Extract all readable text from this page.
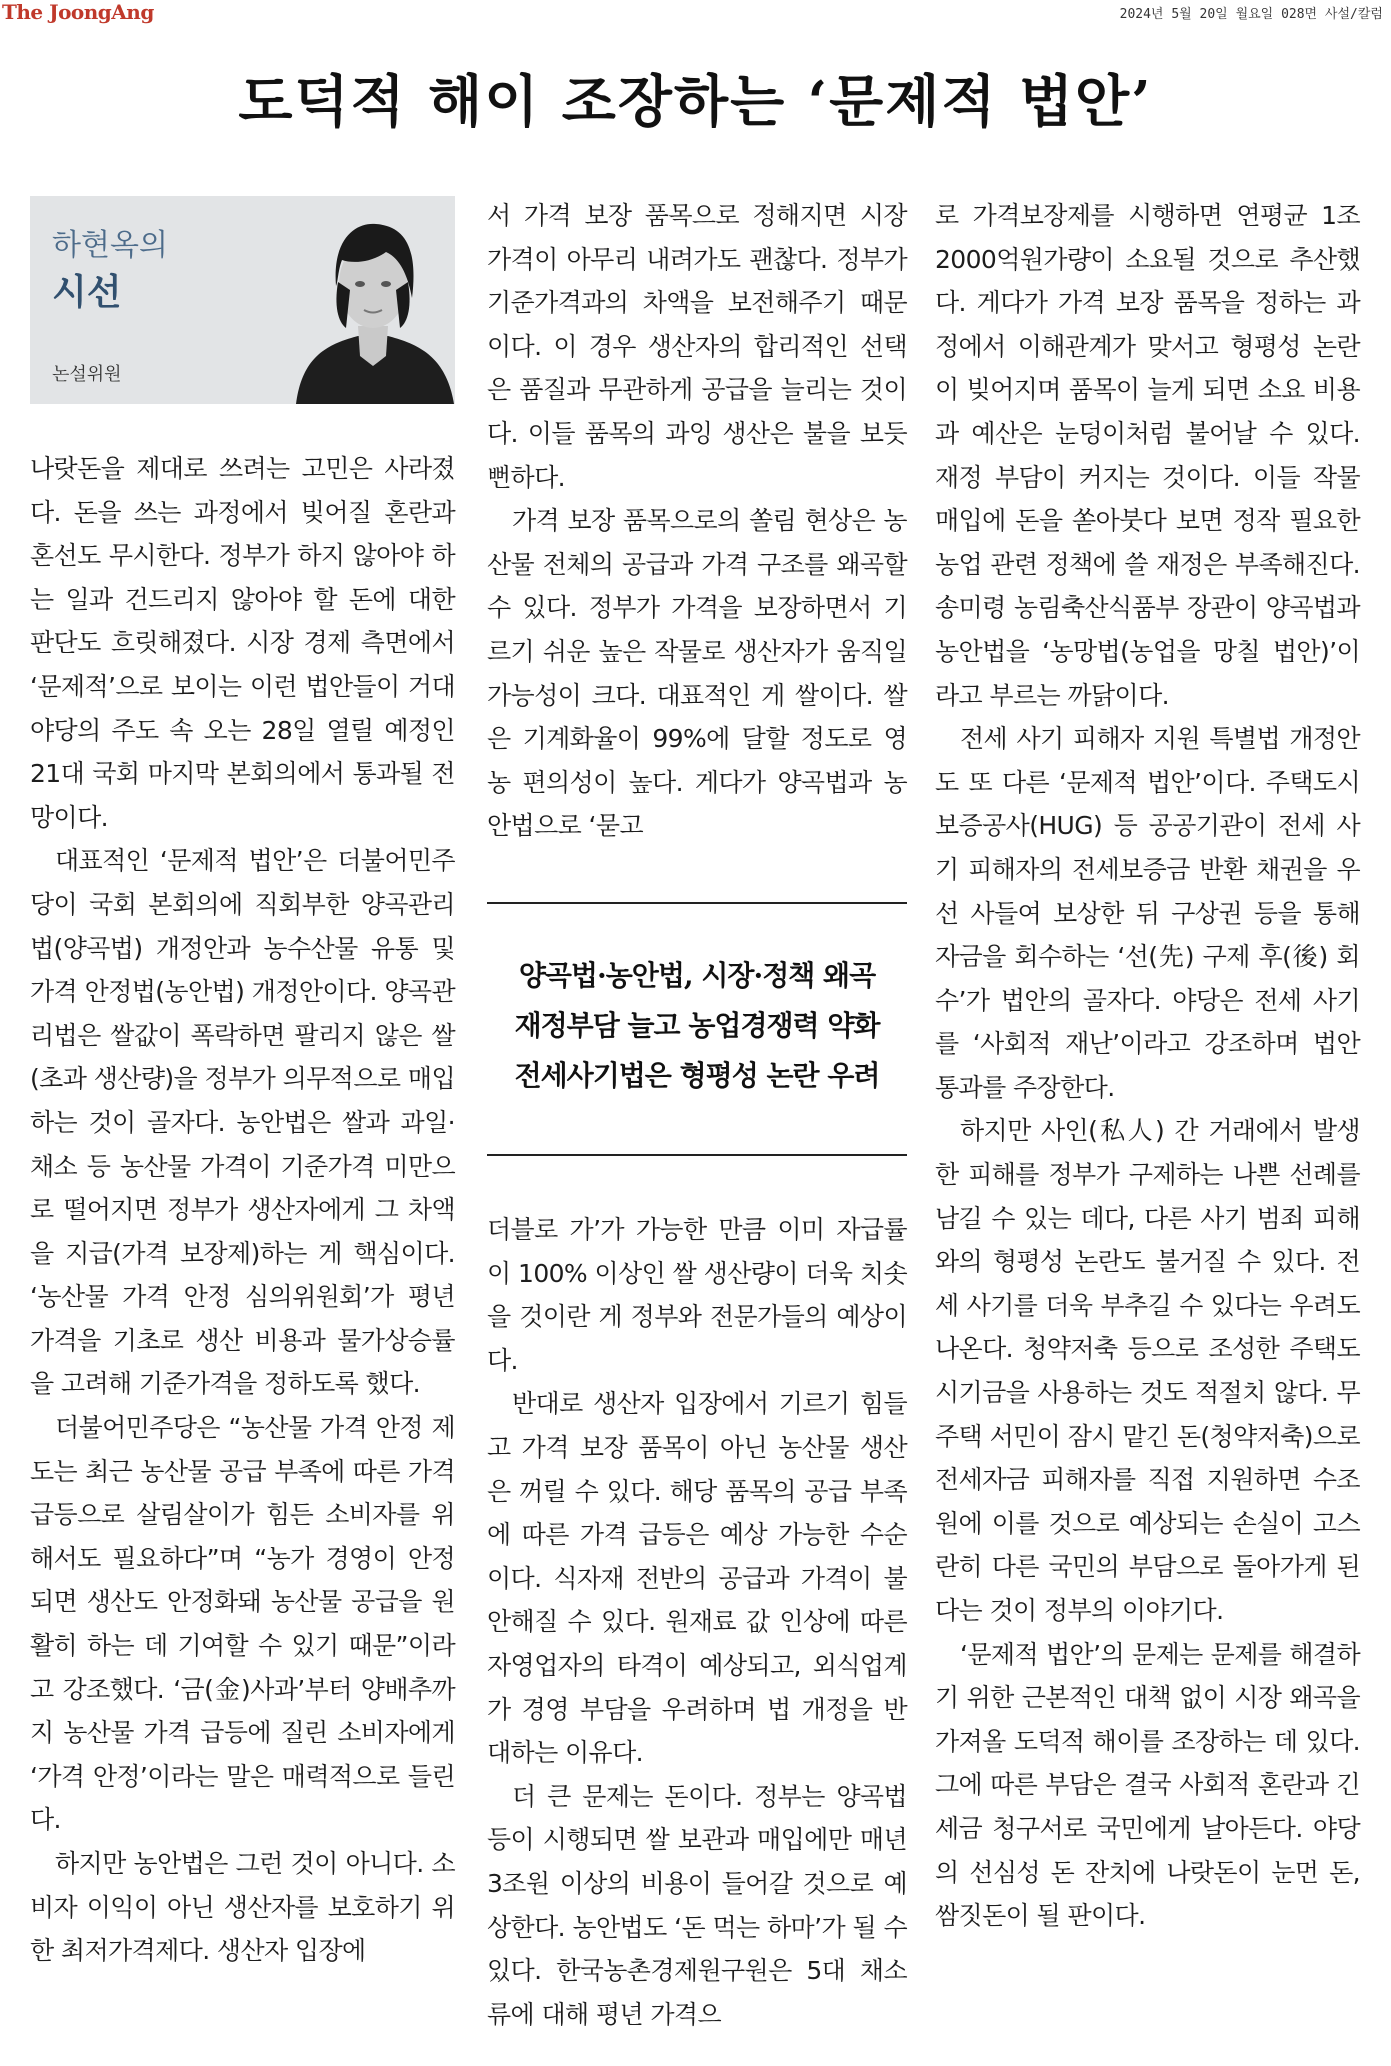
The JoongAng	2024년 5월 20일 월요일 028면 사설/칼럼
도덕적 해이 조장하는 ‘문제적 법안’
하현옥의
시선
논설위원

나랏돈을 제대로 쓰려는 고민은 사라졌다. 돈을 쓰는 과정에서 빚어질 혼란과 혼선도 무시한다. 정부가 하지 않아야 하는 일과 건드리지 않아야 할 돈에 대한 판단도 흐릿해졌다. 시장 경제 측면에서 ‘문제적’으로 보이는 이런 법안들이 거대 야당의 주도 속 오는 28일 열릴 예정인 21대 국회 마지막 본회의에서 통과될 전망이다.

대표적인 ‘문제적 법안’은 더불어민주당이 국회 본회의에 직회부한 양곡관리법(양곡법) 개정안과 농수산물 유통 및 가격 안정법(농안법) 개정안이다. 양곡관리법은 쌀값이 폭락하면 팔리지 않은 쌀(초과 생산량)을 정부가 의무적으로 매입하는 것이 골자다. 농안법은 쌀과 과일·채소 등 농산물 가격이 기준가격 미만으로 떨어지면 정부가 생산자에게 그 차액을 지급(가격 보장제)하는 게 핵심이다. ‘농산물 가격 안정 심의위원회’가 평년 가격을 기초로 생산 비용과 물가상승률을 고려해 기준가격을 정하도록 했다.

더불어민주당은 “농산물 가격 안정 제도는 최근 농산물 공급 부족에 따른 가격 급등으로 살림살이가 힘든 소비자를 위해서도 필요하다”며 “농가 경영이 안정되면 생산도 안정화돼 농산물 공급을 원활히 하는 데 기여할 수 있기 때문”이라고 강조했다. ‘금(金)사과’부터 양배추까지 농산물 가격 급등에 질린 소비자에게 ‘가격 안정’이라는 말은 매력적으로 들린다.

하지만 농안법은 그런 것이 아니다. 소비자 이익이 아닌 생산자를 보호하기 위한 최저가격제다. 생산자 입장에

서 가격 보장 품목으로 정해지면 시장 가격이 아무리 내려가도 괜찮다. 정부가 기준가격과의 차액을 보전해주기 때문이다. 이 경우 생산자의 합리적인 선택은 품질과 무관하게 공급을 늘리는 것이다. 이들 품목의 과잉 생산은 불을 보듯 뻔하다.

가격 보장 품목으로의 쏠림 현상은 농산물 전체의 공급과 가격 구조를 왜곡할 수 있다. 정부가 가격을 보장하면서 기르기 쉬운 높은 작물로 생산자가 움직일 가능성이 크다. 대표적인 게 쌀이다. 쌀은 기계화율이 99%에 달할 정도로 영농 편의성이 높다. 게다가 양곡법과 농안법으로 ‘묻고

양곡법·농안법, 시장·정책 왜곡
재정부담 늘고 농업경쟁력 약화
전세사기법은 형평성 논란 우려

더블로 가’가 가능한 만큼 이미 자급률이 100% 이상인 쌀 생산량이 더욱 치솟을 것이란 게 정부와 전문가들의 예상이다.

반대로 생산자 입장에서 기르기 힘들고 가격 보장 품목이 아닌 농산물 생산은 꺼릴 수 있다. 해당 품목의 공급 부족에 따른 가격 급등은 예상 가능한 수순이다. 식자재 전반의 공급과 가격이 불안해질 수 있다. 원재료 값 인상에 따른 자영업자의 타격이 예상되고, 외식업계가 경영 부담을 우려하며 법 개정을 반대하는 이유다.

더 큰 문제는 돈이다. 정부는 양곡법 등이 시행되면 쌀 보관과 매입에만 매년 3조원 이상의 비용이 들어갈 것으로 예상한다. 농안법도 ‘돈 먹는 하마’가 될 수 있다. 한국농촌경제원구원은 5대 채소류에 대해 평년 가격으

로 가격보장제를 시행하면 연평균 1조2000억원가량이 소요될 것으로 추산했다. 게다가 가격 보장 품목을 정하는 과정에서 이해관계가 맞서고 형평성 논란이 빚어지며 품목이 늘게 되면 소요 비용과 예산은 눈덩이처럼 불어날 수 있다. 재정 부담이 커지는 것이다. 이들 작물 매입에 돈을 쏟아붓다 보면 정작 필요한 농업 관련 정책에 쓸 재정은 부족해진다. 송미령 농림축산식품부 장관이 양곡법과 농안법을 ‘농망법(농업을 망칠 법안)’이라고 부르는 까닭이다.

전세 사기 피해자 지원 특별법 개정안도 또 다른 ‘문제적 법안’이다. 주택도시보증공사(HUG) 등 공공기관이 전세 사기 피해자의 전세보증금 반환 채권을 우선 사들여 보상한 뒤 구상권 등을 통해 자금을 회수하는 ‘선(先) 구제 후(後) 회수’가 법안의 골자다. 야당은 전세 사기를 ‘사회적 재난’이라고 강조하며 법안 통과를 주장한다.

하지만 사인(私人) 간 거래에서 발생한 피해를 정부가 구제하는 나쁜 선례를 남길 수 있는 데다, 다른 사기 범죄 피해와의 형평성 논란도 불거질 수 있다. 전세 사기를 더욱 부추길 수 있다는 우려도 나온다. 청약저축 등으로 조성한 주택도시기금을 사용하는 것도 적절치 않다. 무주택 서민이 잠시 맡긴 돈(청약저축)으로 전세자금 피해자를 직접 지원하면 수조 원에 이를 것으로 예상되는 손실이 고스란히 다른 국민의 부담으로 돌아가게 된다는 것이 정부의 이야기다.

‘문제적 법안’의 문제는 문제를 해결하기 위한 근본적인 대책 없이 시장 왜곡을 가져올 도덕적 해이를 조장하는 데 있다. 그에 따른 부담은 결국 사회적 혼란과 긴 세금 청구서로 국민에게 날아든다. 야당의 선심성 돈 잔치에 나랏돈이 눈먼 돈, 쌈짓돈이 될 판이다.
